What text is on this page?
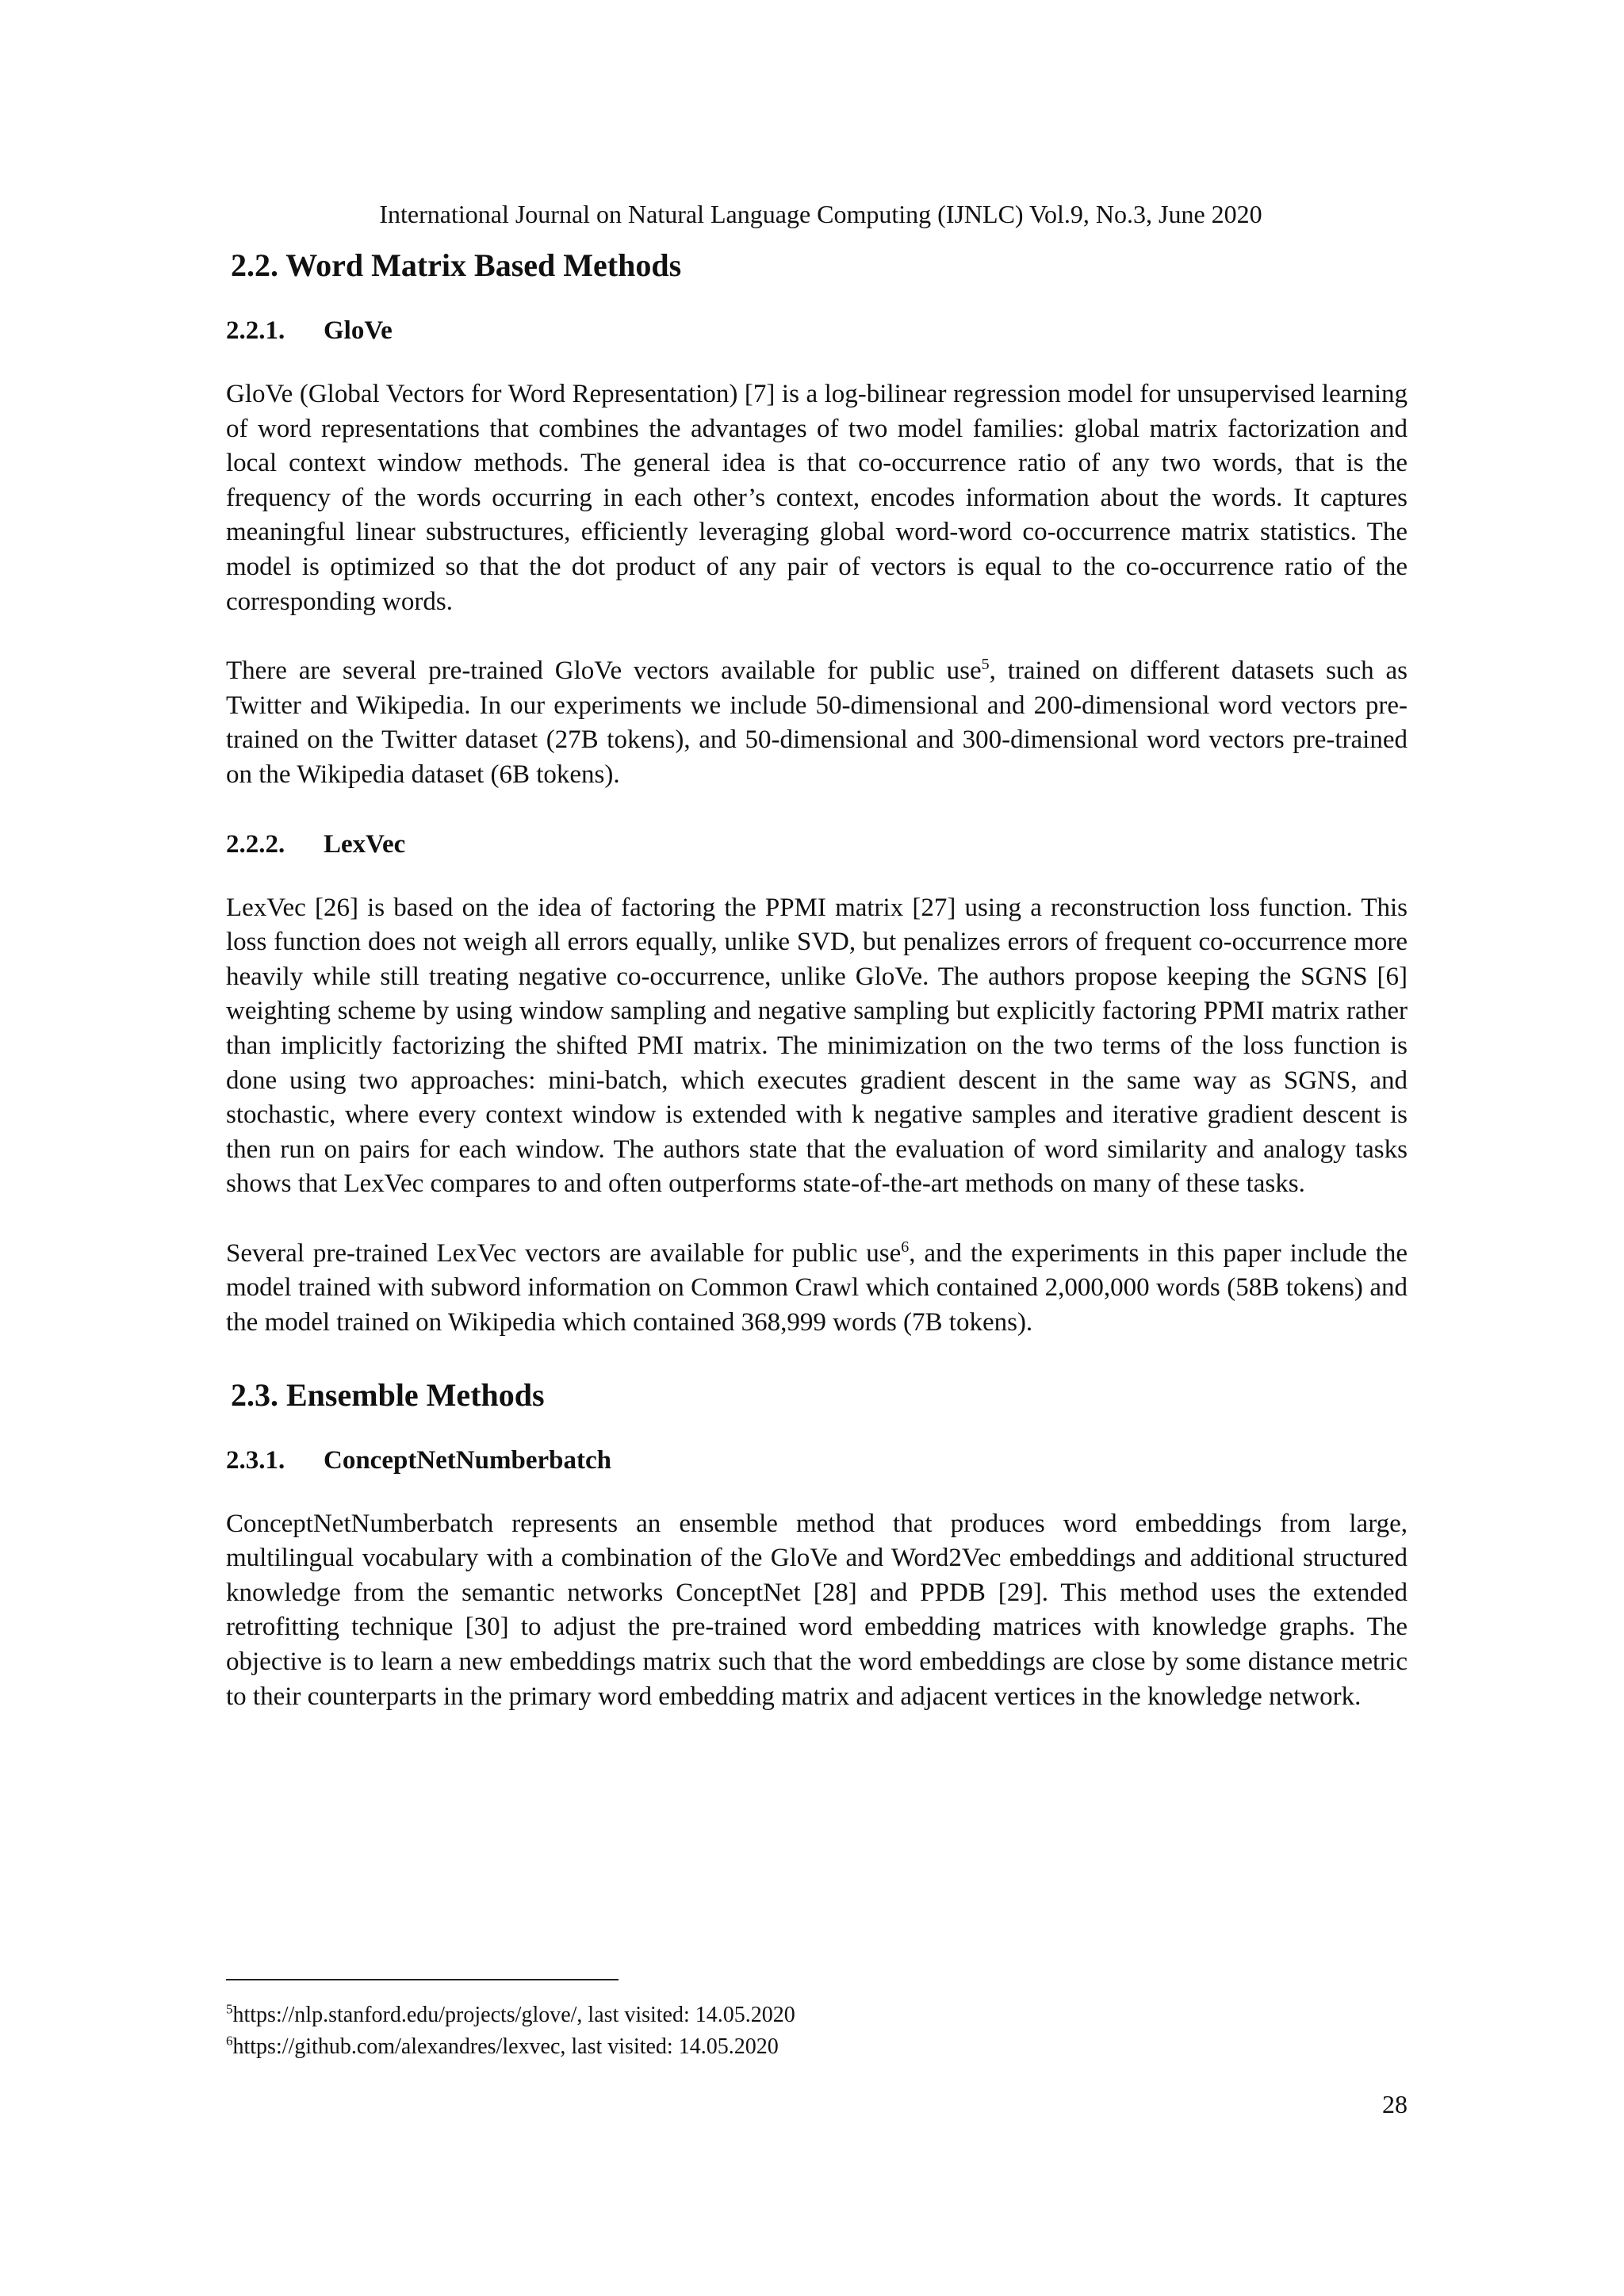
International Journal on Natural Language Computing (IJNLC) Vol.9, No.3, June 2020
2.2. Word Matrix Based Methods
2.2.1. GloVe

GloVe (Global Vectors for Word Representation) [7] is a log-bilinear regression model for unsupervised learning of word representations that combines the advantages of two model families: global matrix factorization and local context window methods. The general idea is that co-occurrence ratio of any two words, that is the frequency of the words occurring in each other’s context, encodes information about the words. It captures meaningful linear substructures, efficiently leveraging global word-word co-occurrence matrix statistics. The model is optimized so that the dot product of any pair of vectors is equal to the co-occurrence ratio of the corresponding words.

There are several pre-trained GloVe vectors available for public use$^5$, trained on different datasets such as Twitter and Wikipedia. In our experiments we include 50-dimensional and 200-dimensional word vectors pre-trained on the Twitter dataset (27B tokens), and 50-dimensional and 300-dimensional word vectors pre-trained on the Wikipedia dataset (6B tokens).

2.2.2. LexVec

LexVec [26] is based on the idea of factoring the PPMI matrix [27] using a reconstruction loss function. This loss function does not weigh all errors equally, unlike SVD, but penalizes errors of frequent co-occurrence more heavily while still treating negative co-occurrence, unlike GloVe. The authors propose keeping the SGNS [6] weighting scheme by using window sampling and negative sampling but explicitly factoring PPMI matrix rather than implicitly factorizing the shifted PMI matrix. The minimization on the two terms of the loss function is done using two approaches: mini-batch, which executes gradient descent in the same way as SGNS, and stochastic, where every context window is extended with k negative samples and iterative gradient descent is then run on pairs for each window. The authors state that the evaluation of word similarity and analogy tasks shows that LexVec compares to and often outperforms state-of-the-art methods on many of these tasks.

Several pre-trained LexVec vectors are available for public use$^6$, and the experiments in this paper include the model trained with subword information on Common Crawl which contained 2,000,000 words (58B tokens) and the model trained on Wikipedia which contained 368,999 words (7B tokens).

2.3. Ensemble Methods
2.3.1. ConceptNetNumberbatch

ConceptNetNumberbatch represents an ensemble method that produces word embeddings from large, multilingual vocabulary with a combination of the GloVe and Word2Vec embeddings and additional structured knowledge from the semantic networks ConceptNet [28] and PPDB [29]. This method uses the extended retrofitting technique [30] to adjust the pre-trained word embedding matrices with knowledge graphs. The objective is to learn a new embeddings matrix such that the word embeddings are close by some distance metric to their counterparts in the primary word embedding matrix and adjacent vertices in the knowledge network.

$^5$https://nlp.stanford.edu/projects/glove/, last visited: 14.05.2020
$^6$https://github.com/alexandres/lexvec, last visited: 14.05.2020
28
